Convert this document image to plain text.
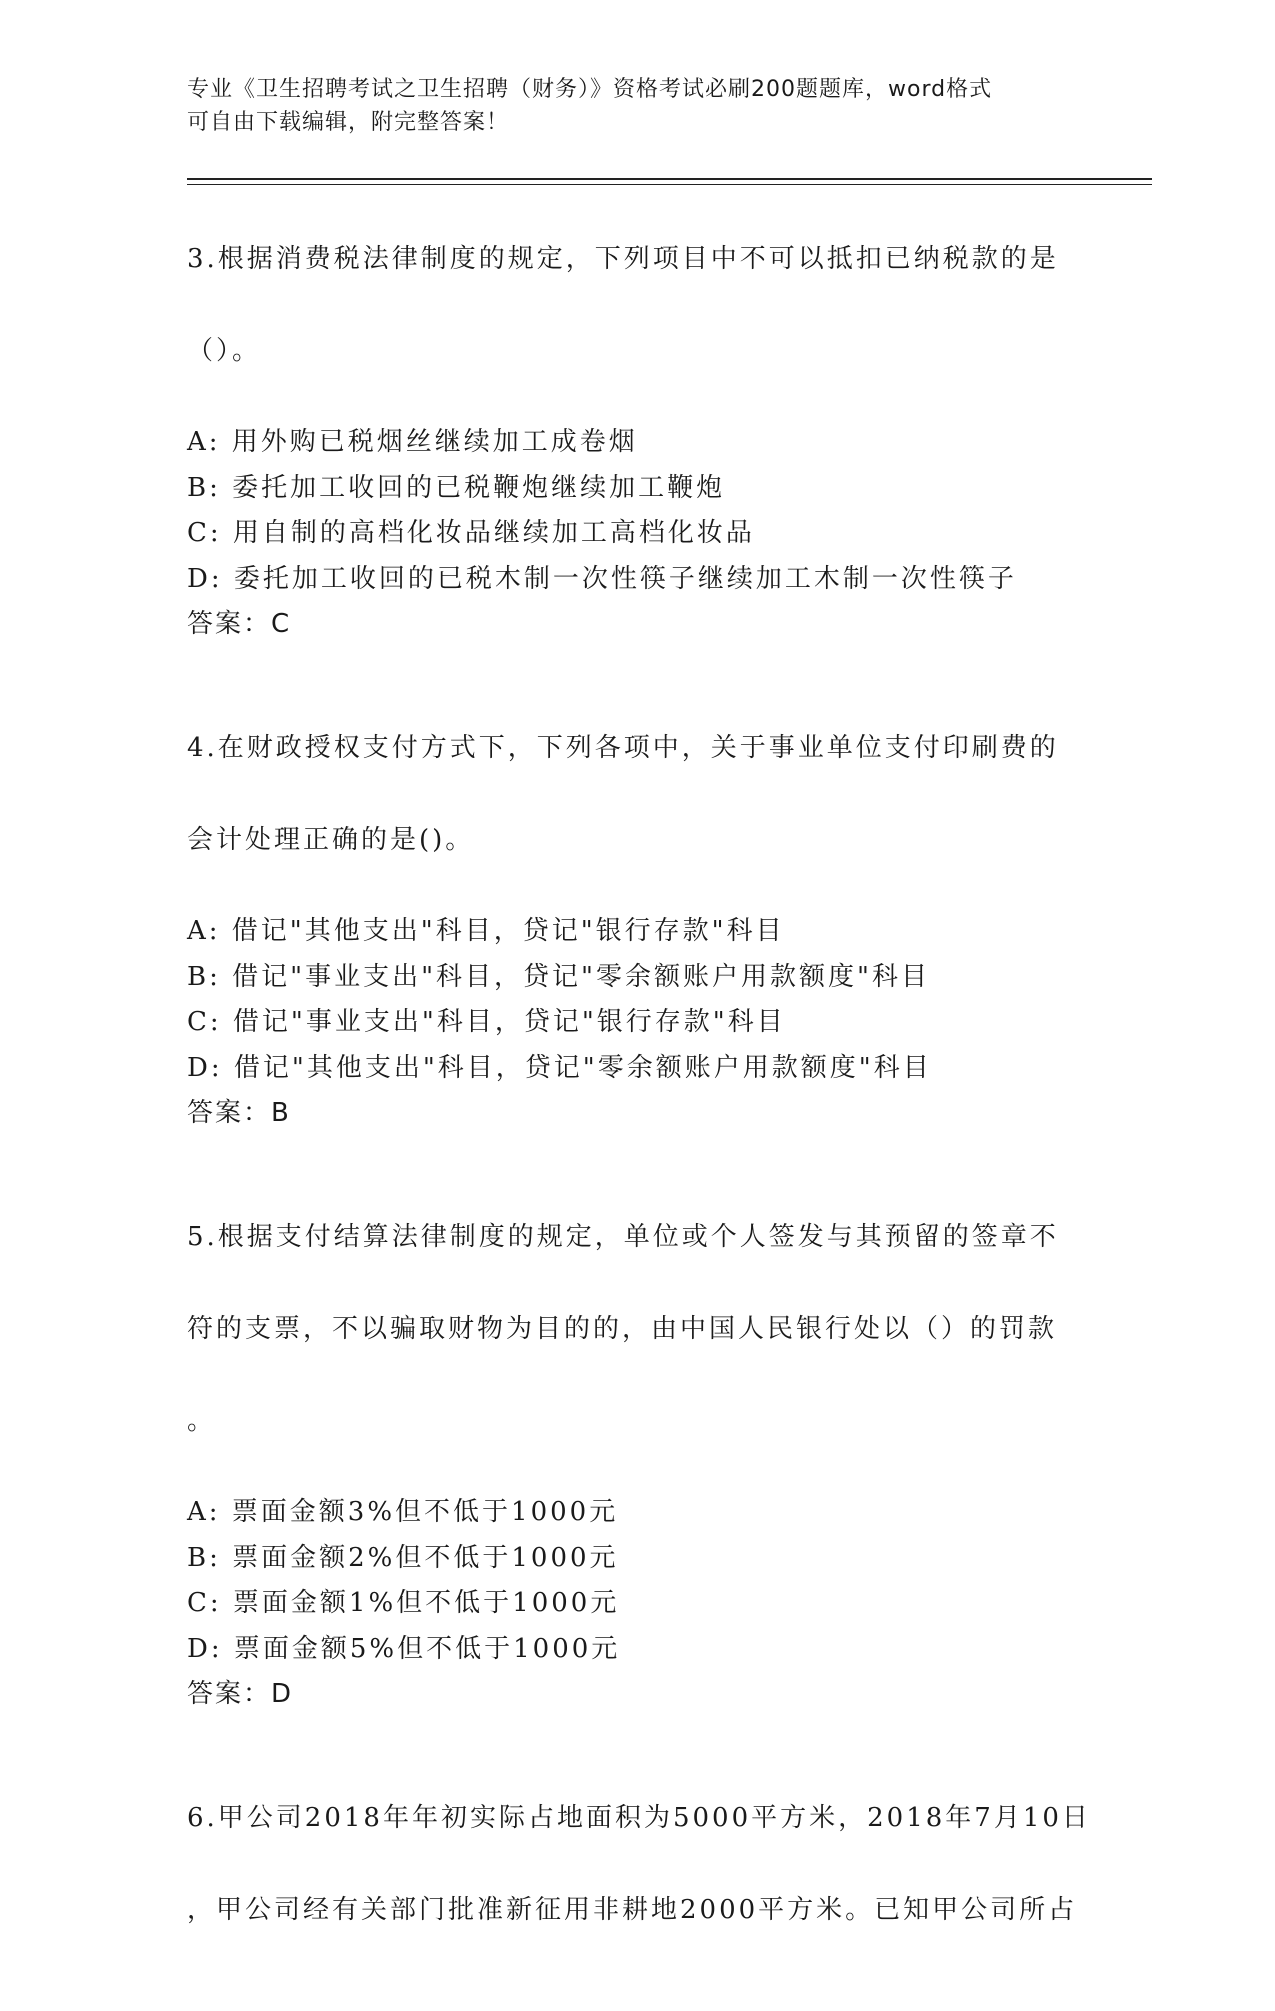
专业《卫生招聘考试之卫生招聘（财务）》资格考试必刷200题题库，word格式
可自由下载编辑，附完整答案！

3.根据消费税法律制度的规定，下列项目中不可以抵扣已纳税款的是

（）。

A: 用外购已税烟丝继续加工成卷烟
B: 委托加工收回的已税鞭炮继续加工鞭炮
C: 用自制的高档化妆品继续加工高档化妆品
D: 委托加工收回的已税木制一次性筷子继续加工木制一次性筷子
答案：C

4.在财政授权支付方式下，下列各项中，关于事业单位支付印刷费的

会计处理正确的是()。

A: 借记"其他支出"科目，贷记"银行存款"科目
B: 借记"事业支出"科目，贷记"零余额账户用款额度"科目
C: 借记"事业支出"科目，贷记"银行存款"科目
D: 借记"其他支出"科目，贷记"零余额账户用款额度"科目
答案：B

5.根据支付结算法律制度的规定，单位或个人签发与其预留的签章不

符的支票，不以骗取财物为目的的，由中国人民银行处以（）的罚款

。

A: 票面金额3%但不低于1000元
B: 票面金额2%但不低于1000元
C: 票面金额1%但不低于1000元
D: 票面金额5%但不低于1000元
答案：D

6.甲公司2018年年初实际占地面积为5000平方米，2018年7月10日

，甲公司经有关部门批准新征用非耕地2000平方米。已知甲公司所占
